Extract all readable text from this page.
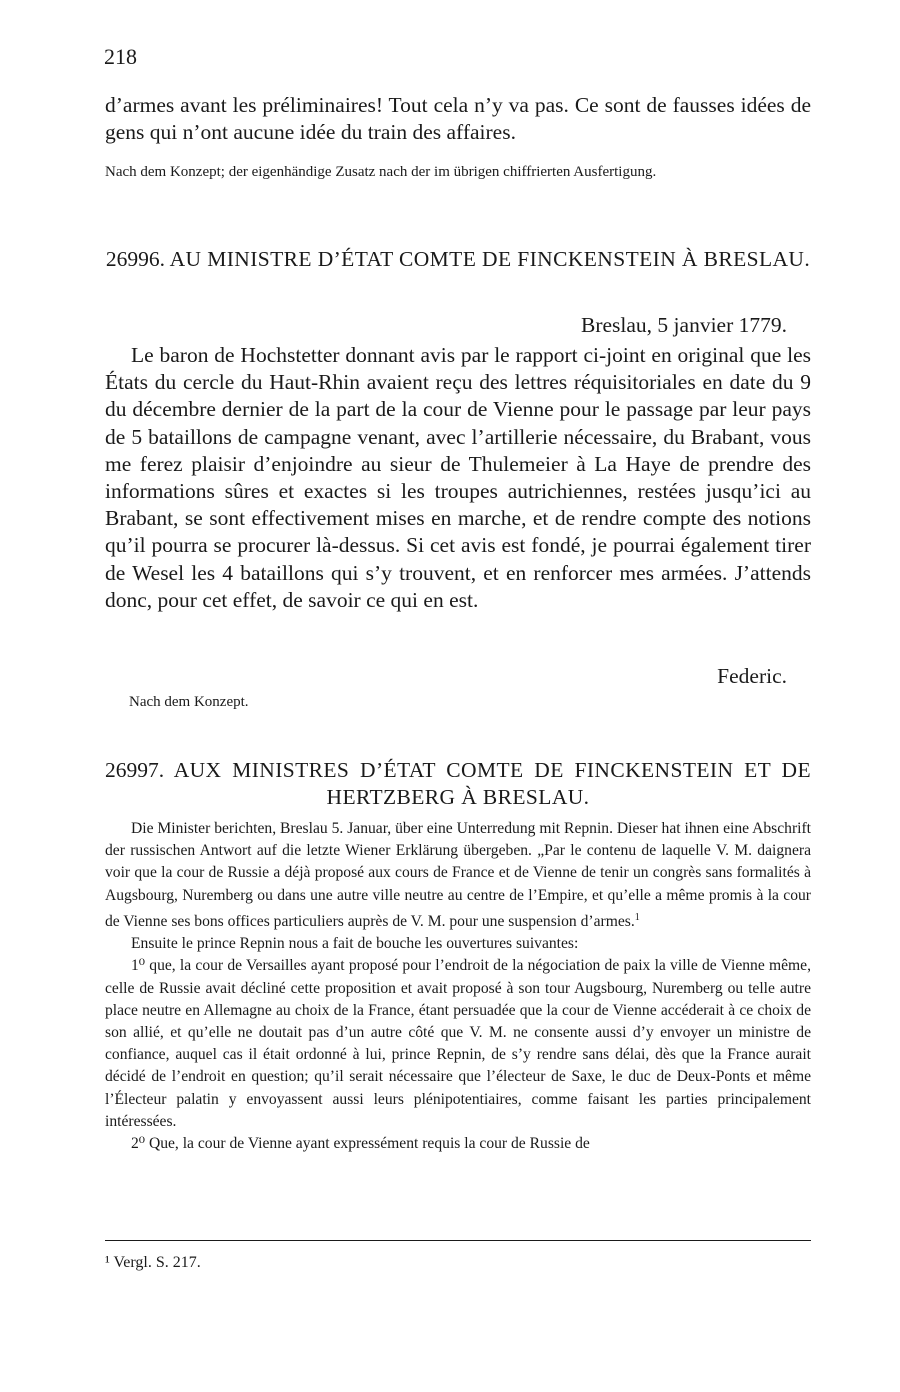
218

d’armes avant les préliminaires! Tout cela n’y va pas. Ce sont de fausses idées de gens qui n’ont aucune idée du train des affaires.

Nach dem Konzept; der eigenhändige Zusatz nach der im übrigen chiffrierten Ausfertigung.

26996. AU MINISTRE D’ÉTAT COMTE DE FINCKENSTEIN À BRESLAU.

Breslau, 5 janvier 1779.

Le baron de Hochstetter donnant avis par le rapport ci-joint en original que les États du cercle du Haut-Rhin avaient reçu des lettres réquisitoriales en date du 9 du décembre dernier de la part de la cour de Vienne pour le passage par leur pays de 5 bataillons de campagne venant, avec l’artillerie nécessaire, du Brabant, vous me ferez plaisir d’enjoindre au sieur de Thulemeier à La Haye de prendre des informations sûres et exactes si les troupes autrichiennes, restées jusqu’ici au Brabant, se sont effectivement mises en marche, et de rendre compte des notions qu’il pourra se procurer là-dessus. Si cet avis est fondé, je pourrai également tirer de Wesel les 4 bataillons qui s’y trouvent, et en renforcer mes armées. J’attends donc, pour cet effet, de savoir ce qui en est.

Federic.

Nach dem Konzept.

26997. AUX MINISTRES D’ÉTAT COMTE DE FINCKENSTEIN ET DE HERTZBERG À BRESLAU.

Die Minister berichten, Breslau 5. Januar, über eine Unterredung mit Repnin. Dieser hat ihnen eine Abschrift der russischen Antwort auf die letzte Wiener Erklärung übergeben. „Par le contenu de laquelle V. M. daignera voir que la cour de Russie a déjà proposé aux cours de France et de Vienne de tenir un congrès sans formalités à Augsbourg, Nuremberg ou dans une autre ville neutre au centre de l’Empire, et qu’elle a même promis à la cour de Vienne ses bons offices particuliers auprès de V. M. pour une suspension d’armes.$^1$

Ensuite le prince Repnin nous a fait de bouche les ouvertures suivantes:

1⁰ que, la cour de Versailles ayant proposé pour l’endroit de la négociation de paix la ville de Vienne même, celle de Russie avait décliné cette proposition et avait proposé à son tour Augsbourg, Nuremberg ou telle autre place neutre en Allemagne au choix de la France, étant persuadée que la cour de Vienne accéderait à ce choix de son allié, et qu’elle ne doutait pas d’un autre côté que V. M. ne consente aussi d’y envoyer un ministre de confiance, auquel cas il était ordonné à lui, prince Repnin, de s’y rendre sans délai, dès que la France aurait décidé de l’endroit en question; qu’il serait nécessaire que l’électeur de Saxe, le duc de Deux-Ponts et même l’Électeur palatin y envoyassent aussi leurs plénipotentiaires, comme faisant les parties principalement intéressées.

2⁰ Que, la cour de Vienne ayant expressément requis la cour de Russie de

¹ Vergl. S. 217.
